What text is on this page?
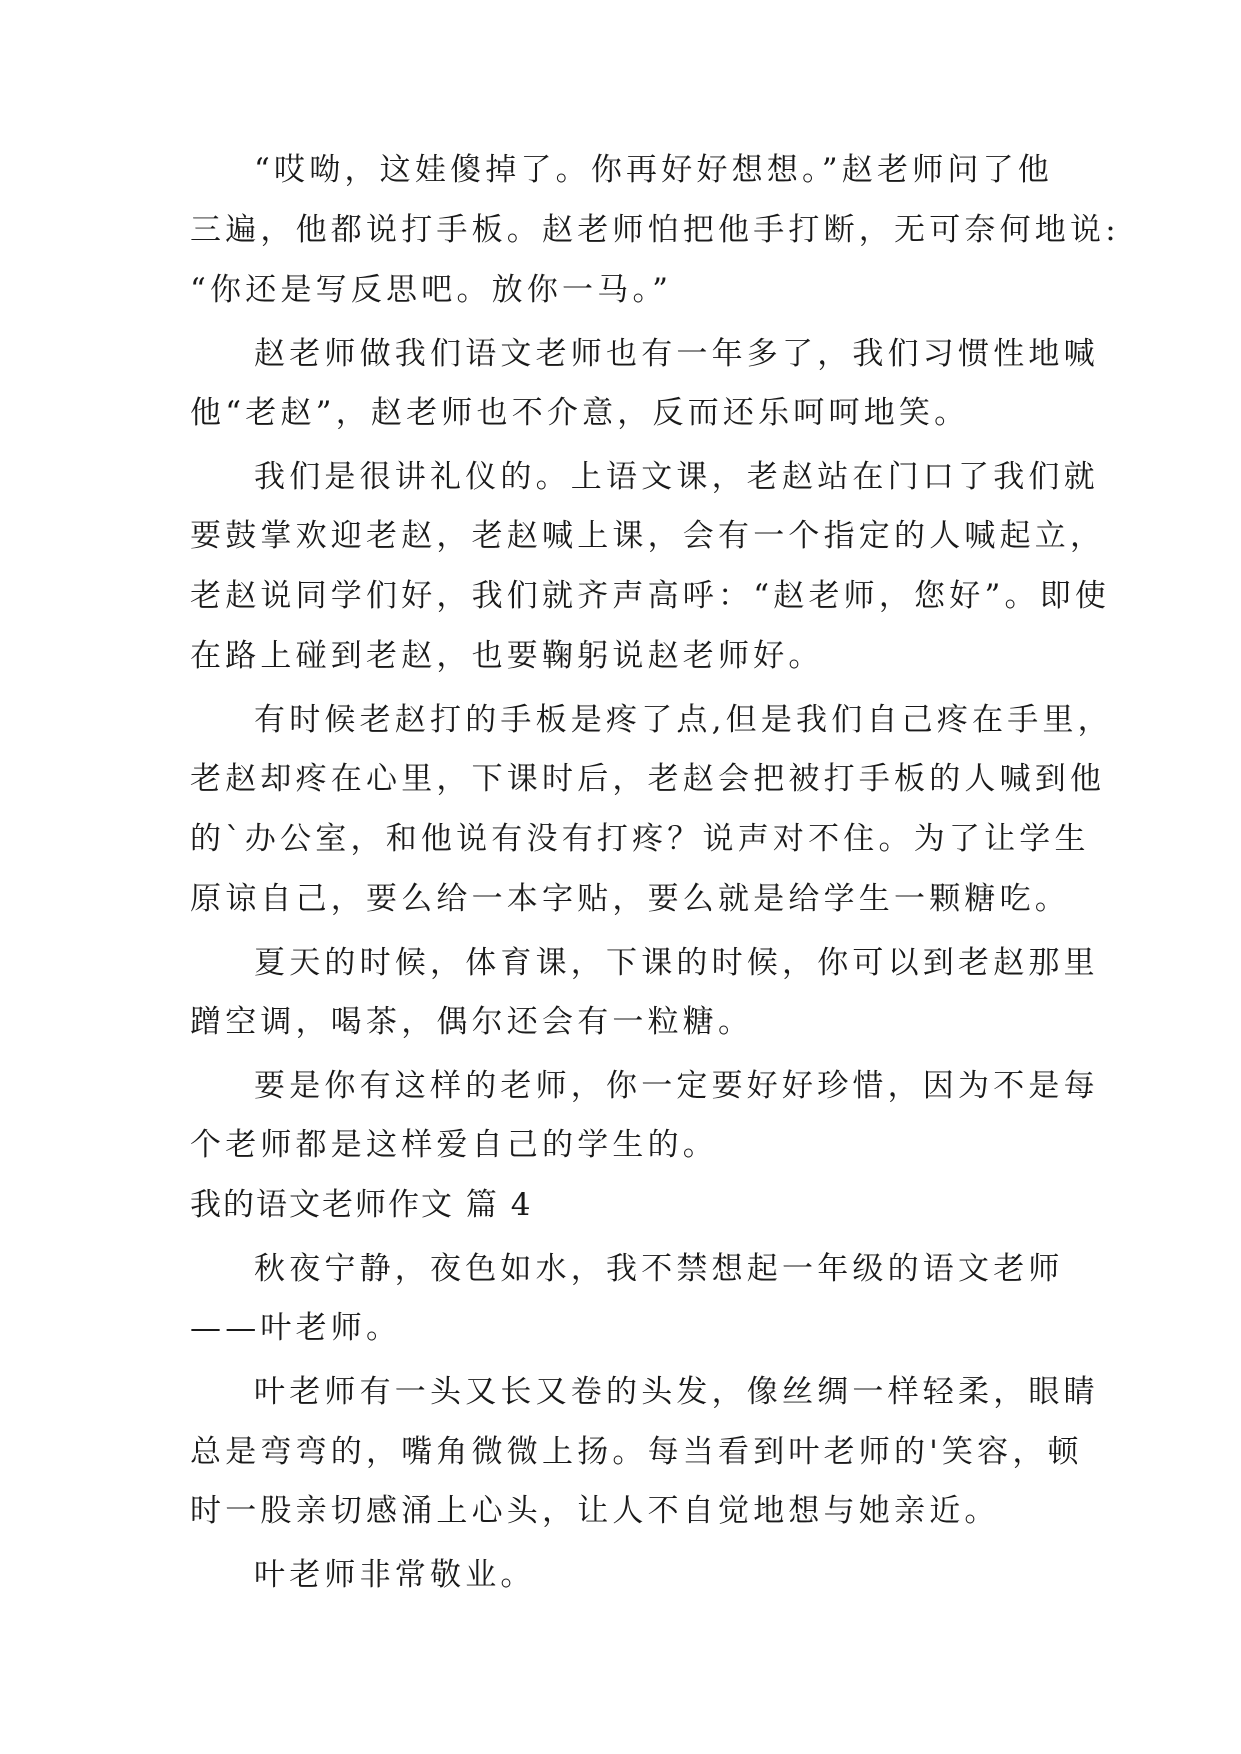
“哎呦，这娃傻掉了。你再好好想想。”赵老师问了他
三遍，他都说打手板。赵老师怕把他手打断，无可奈何地说:
“你还是写反思吧。放你一马。”
赵老师做我们语文老师也有一年多了，我们习惯性地喊
他“老赵”，赵老师也不介意，反而还乐呵呵地笑。
我们是很讲礼仪的。上语文课，老赵站在门口了我们就
要鼓掌欢迎老赵，老赵喊上课，会有一个指定的人喊起立，
老赵说同学们好，我们就齐声高呼：“赵老师，您好”。即使
在路上碰到老赵，也要鞠躬说赵老师好。
有时候老赵打的手板是疼了点,但是我们自己疼在手里，
老赵却疼在心里，下课时后，老赵会把被打手板的人喊到他
的`办公室，和他说有没有打疼？说声对不住。为了让学生
原谅自己，要么给一本字贴，要么就是给学生一颗糖吃。
夏天的时候，体育课，下课的时候，你可以到老赵那里
蹭空调，喝茶，偶尔还会有一粒糖。
要是你有这样的老师，你一定要好好珍惜，因为不是每
个老师都是这样爱自己的学生的。
我的语文老师作文 篇 4
秋夜宁静，夜色如水，我不禁想起一年级的语文老师
——叶老师。
叶老师有一头又长又卷的头发，像丝绸一样轻柔，眼睛
总是弯弯的，嘴角微微上扬。每当看到叶老师的'笑容，顿
时一股亲切感涌上心头，让人不自觉地想与她亲近。
叶老师非常敬业。
